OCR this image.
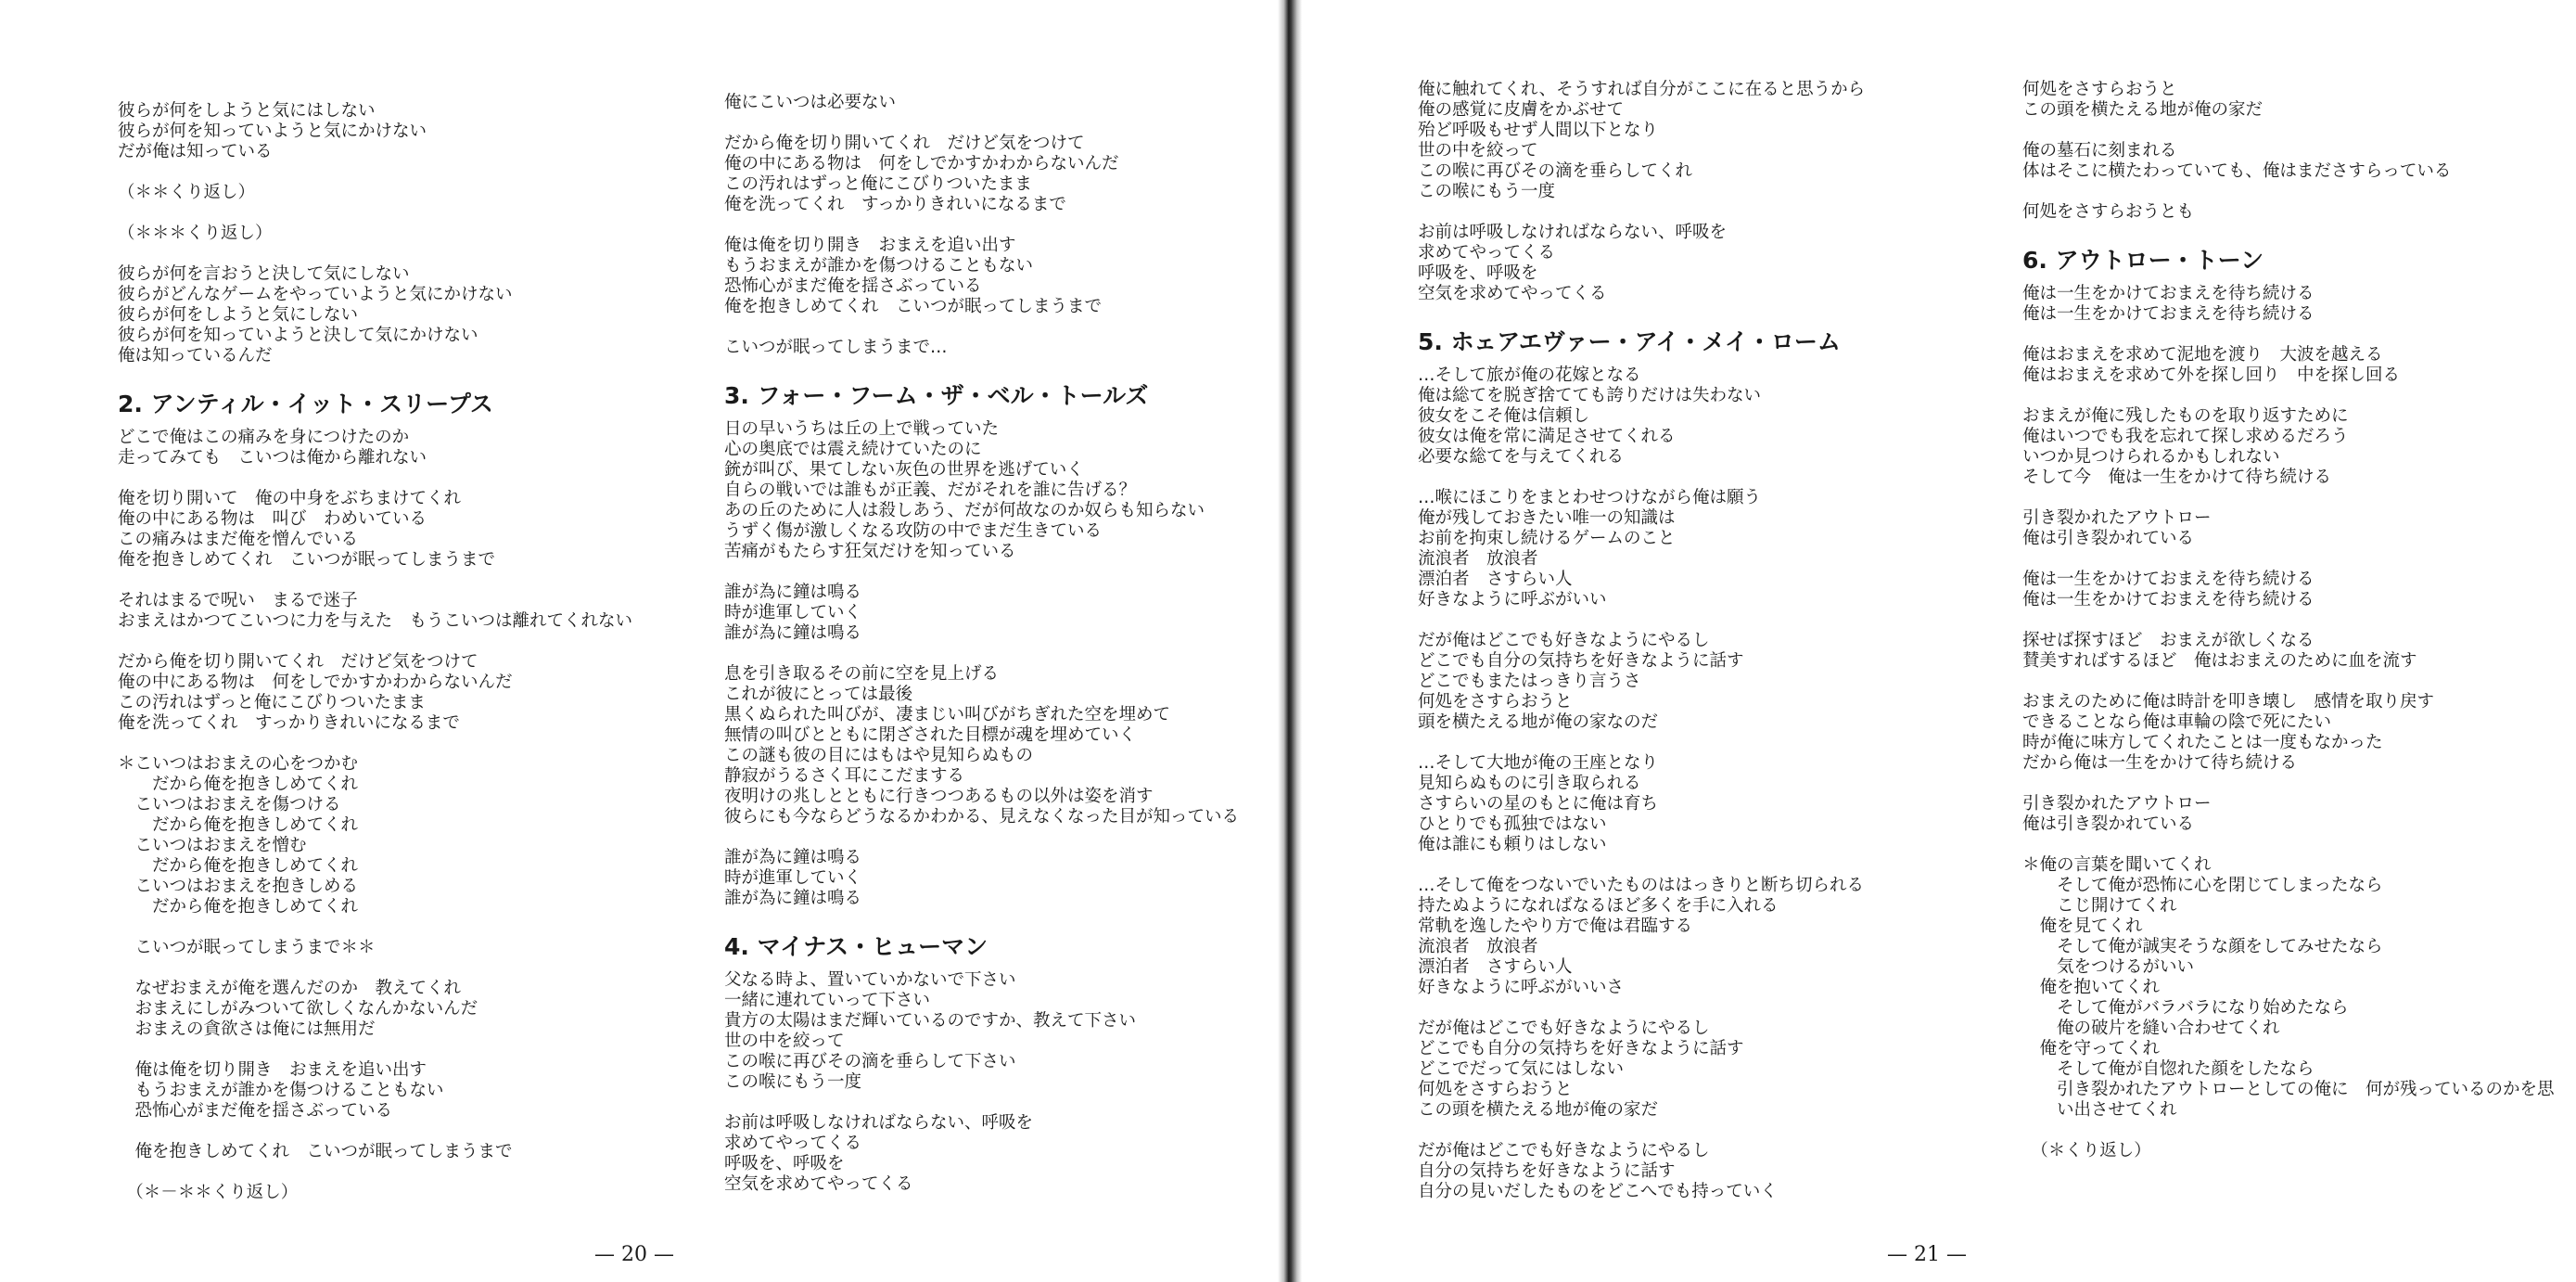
彼らが何をしようと気にはしない
彼らが何を知っていようと気にかけない
だが俺は知っている
（＊＊くり返し）
（＊＊＊くり返し）
彼らが何を言おうと決して気にしない
彼らがどんなゲームをやっていようと気にかけない
彼らが何をしようと気にしない
彼らが何を知っていようと決して気にかけない
俺は知っているんだ
2. アンティル・イット・スリープス
どこで俺はこの痛みを身につけたのか
走ってみても　こいつは俺から離れない
俺を切り開いて　俺の中身をぶちまけてくれ
俺の中にある物は　叫び　わめいている
この痛みはまだ俺を憎んでいる
俺を抱きしめてくれ　こいつが眠ってしまうまで
それはまるで呪い　まるで迷子
おまえはかつてこいつに力を与えた　もうこいつは離れてくれない
だから俺を切り開いてくれ　だけど気をつけて
俺の中にある物は　何をしでかすかわからないんだ
この汚れはずっと俺にこびりついたまま
俺を洗ってくれ　すっかりきれいになるまで
＊こいつはおまえの心をつかむ
　　だから俺を抱きしめてくれ
　こいつはおまえを傷つける
　　だから俺を抱きしめてくれ
　こいつはおまえを憎む
　　だから俺を抱きしめてくれ
　こいつはおまえを抱きしめる
　　だから俺を抱きしめてくれ
　こいつが眠ってしまうまで＊＊
　なぜおまえが俺を選んだのか　教えてくれ
　おまえにしがみついて欲しくなんかないんだ
　おまえの貪欲さは俺には無用だ
　俺は俺を切り開き　おまえを追い出す
　もうおまえが誰かを傷つけることもない
　恐怖心がまだ俺を揺さぶっている
　俺を抱きしめてくれ　こいつが眠ってしまうまで
　（＊－＊＊くり返し）
俺にこいつは必要ない
だから俺を切り開いてくれ　だけど気をつけて
俺の中にある物は　何をしでかすかわからないんだ
この汚れはずっと俺にこびりついたまま
俺を洗ってくれ　すっかりきれいになるまで
俺は俺を切り開き　おまえを追い出す
もうおまえが誰かを傷つけることもない
恐怖心がまだ俺を揺さぶっている
俺を抱きしめてくれ　こいつが眠ってしまうまで
こいつが眠ってしまうまで…
3. フォー・フーム・ザ・ベル・トールズ
日の早いうちは丘の上で戦っていた
心の奥底では震え続けていたのに
銃が叫び、果てしない灰色の世界を逃げていく
自らの戦いでは誰もが正義、だがそれを誰に告げる？
あの丘のために人は殺しあう、だが何故なのか奴らも知らない
うずく傷が激しくなる攻防の中でまだ生きている
苦痛がもたらす狂気だけを知っている
誰が為に鐘は鳴る
時が進軍していく
誰が為に鐘は鳴る
息を引き取るその前に空を見上げる
これが彼にとっては最後
黒くぬられた叫びが、凄まじい叫びがちぎれた空を埋めて
無情の叫びとともに閉ざされた目標が魂を埋めていく
この謎も彼の目にはもはや見知らぬもの
静寂がうるさく耳にこだまする
夜明けの兆しとともに行きつつあるもの以外は姿を消す
彼らにも今ならどうなるかわかる、見えなくなった目が知っている
誰が為に鐘は鳴る
時が進軍していく
誰が為に鐘は鳴る
4. マイナス・ヒューマン
父なる時よ、置いていかないで下さい
一緒に連れていって下さい
貴方の太陽はまだ輝いているのですか、教えて下さい
世の中を絞って
この喉に再びその滴を垂らして下さい
この喉にもう一度
お前は呼吸しなければならない、呼吸を
求めてやってくる
呼吸を、呼吸を
空気を求めてやってくる
俺に触れてくれ、そうすれば自分がここに在ると思うから
俺の感覚に皮膚をかぶせて
殆ど呼吸もせず人間以下となり
世の中を絞って
この喉に再びその滴を垂らしてくれ
この喉にもう一度
お前は呼吸しなければならない、呼吸を
求めてやってくる
呼吸を、呼吸を
空気を求めてやってくる
5. ホェアエヴァー・アイ・メイ・ローム
…そして旅が俺の花嫁となる
俺は総てを脱ぎ捨てても誇りだけは失わない
彼女をこそ俺は信頼し
彼女は俺を常に満足させてくれる
必要な総てを与えてくれる
…喉にほこりをまとわせつけながら俺は願う
俺が残しておきたい唯一の知識は
お前を拘束し続けるゲームのこと
流浪者　放浪者
漂泊者　さすらい人
好きなように呼ぶがいい
だが俺はどこでも好きなようにやるし
どこでも自分の気持ちを好きなように話す
どこでもまたはっきり言うさ
何処をさすらおうと
頭を横たえる地が俺の家なのだ
…そして大地が俺の王座となり
見知らぬものに引き取られる
さすらいの星のもとに俺は育ち
ひとりでも孤独ではない
俺は誰にも頼りはしない
…そして俺をつないでいたものははっきりと断ち切られる
持たぬようになればなるほど多くを手に入れる
常軌を逸したやり方で俺は君臨する
流浪者　放浪者
漂泊者　さすらい人
好きなように呼ぶがいいさ
だが俺はどこでも好きなようにやるし
どこでも自分の気持ちを好きなように話す
どこでだって気にはしない
何処をさすらおうと
この頭を横たえる地が俺の家だ
だが俺はどこでも好きなようにやるし
自分の気持ちを好きなように話す
自分の見いだしたものをどこへでも持っていく
何処をさすらおうと
この頭を横たえる地が俺の家だ
俺の墓石に刻まれる
体はそこに横たわっていても、俺はまださすらっている
何処をさすらおうとも
6. アウトロー・トーン
俺は一生をかけておまえを待ち続ける
俺は一生をかけておまえを待ち続ける
俺はおまえを求めて泥地を渡り　大波を越える
俺はおまえを求めて外を探し回り　中を探し回る
おまえが俺に残したものを取り返すために
俺はいつでも我を忘れて探し求めるだろう
いつか見つけられるかもしれない
そして今　俺は一生をかけて待ち続ける
引き裂かれたアウトロー
俺は引き裂かれている
俺は一生をかけておまえを待ち続ける
俺は一生をかけておまえを待ち続ける
探せば探すほど　おまえが欲しくなる
賛美すればするほど　俺はおまえのために血を流す
おまえのために俺は時計を叩き壊し　感情を取り戻す
できることなら俺は車輪の陰で死にたい
時が俺に味方してくれたことは一度もなかった
だから俺は一生をかけて待ち続ける
引き裂かれたアウトロー
俺は引き裂かれている
＊俺の言葉を聞いてくれ
　　そして俺が恐怖に心を閉じてしまったなら
　　こじ開けてくれ
　俺を見てくれ
　　そして俺が誠実そうな顔をしてみせたなら
　　気をつけるがいい
　俺を抱いてくれ
　　そして俺がバラバラになり始めたなら
　　俺の破片を縫い合わせてくれ
　俺を守ってくれ
　　そして俺が自惚れた顔をしたなら
　　引き裂かれたアウトローとしての俺に　何が残っているのかを思
　　い出させてくれ
　（＊くり返し）
— 20 —	— 21 —
